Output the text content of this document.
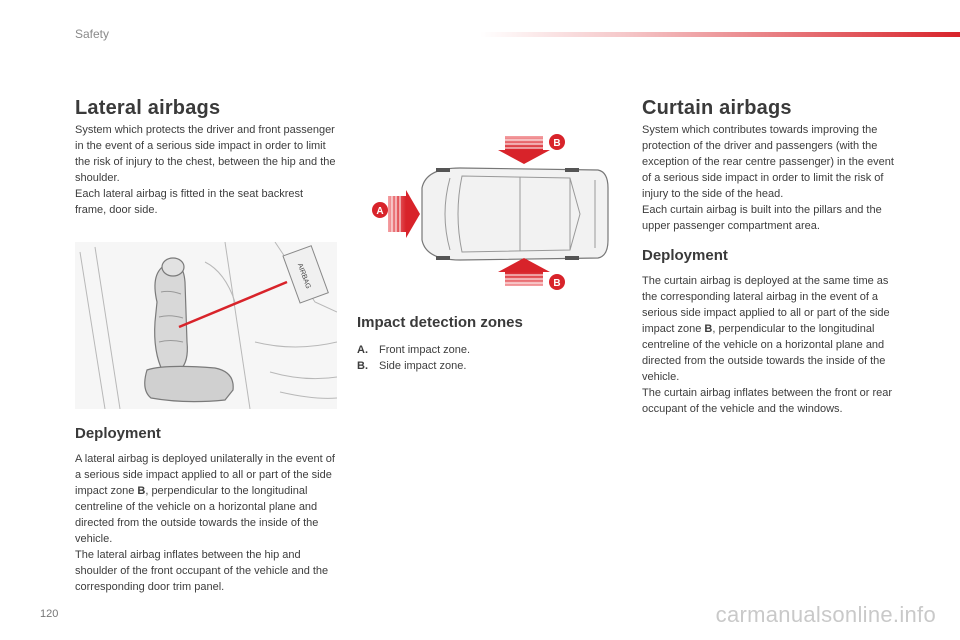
Safety
Lateral airbags

System which protects the driver and front passenger in the event of a serious side impact in order to limit the risk of injury to the chest, between the hip and the shoulder.

Each lateral airbag is fitted in the seat backrest frame, door side.

AIRBAG
Deployment

A lateral airbag is deployed unilaterally in the event of a serious side impact applied to all or part of the side impact zone B, perpendicular to the longitudinal centreline of the vehicle on a horizontal plane and directed from the outside towards the inside of the vehicle.

The lateral airbag inflates between the hip and shoulder of the front occupant of the vehicle and the corresponding door trim panel.

B
B
A
Impact detection zones
A.	Front impact zone.
B.	Side impact zone.
Curtain airbags

System which contributes towards improving the protection of the driver and passengers (with the exception of the rear centre passenger) in the event of a serious side impact in order to limit the risk of injury to the side of the head.

Each curtain airbag is built into the pillars and the upper passenger compartment area.

Deployment

The curtain airbag is deployed at the same time as the corresponding lateral airbag in the event of a serious side impact applied to all or part of the side impact zone B, perpendicular to the longitudinal centreline of the vehicle on a horizontal plane and directed from the outside towards the inside of the vehicle.

The curtain airbag inflates between the front or rear occupant of the vehicle and the windows.

120	carmanualsonline.info
